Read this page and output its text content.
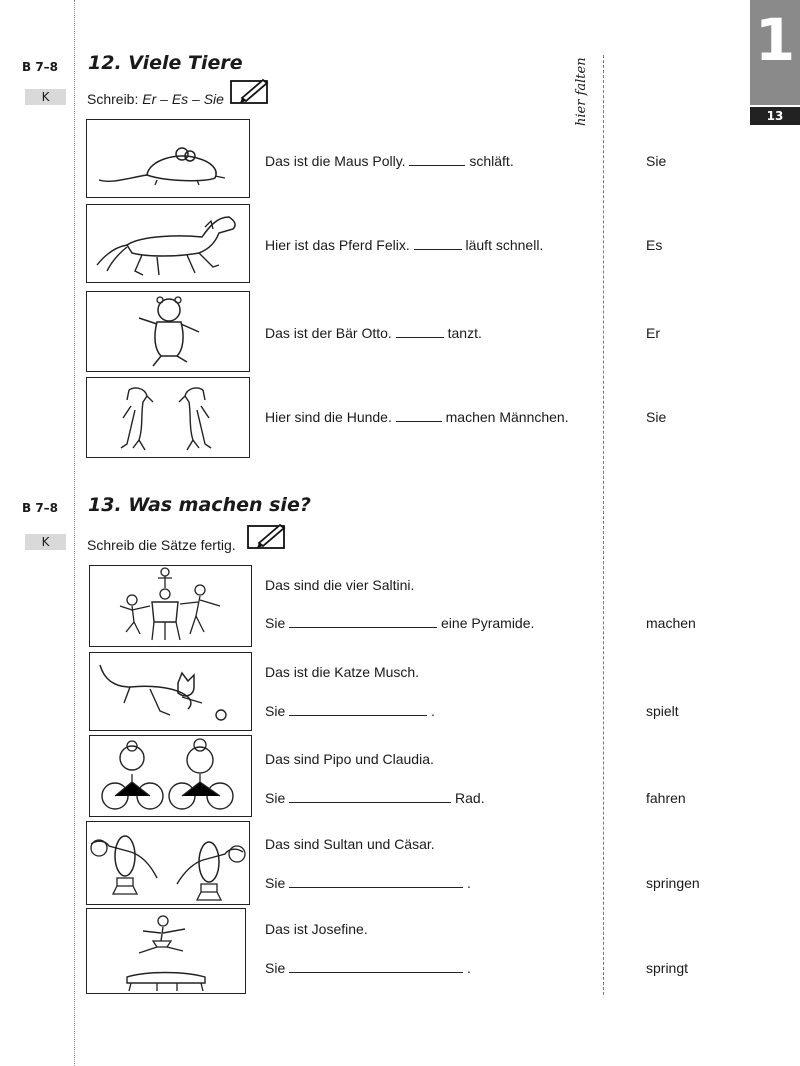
hier falten
1
13
B 7–8
K
12. Viele Tiere
Schreib: Er – Es – Sie
Das ist die Maus Polly.	schläft.	Sie
Hier ist das Pferd Felix.	läuft schnell.	Es
Das ist der Bär Otto.	tanzt.	Er
Hier sind die Hunde.	machen Männchen.	Sie
B 7–8
K
13. Was machen sie?
Schreib die Sätze fertig.
Das sind die vier Saltini.
Sie	eine Pyramide.	machen
Das ist die Katze Musch.
Sie	.	spielt
Das sind Pipo und Claudia.
Sie	Rad.	fahren
Das sind Sultan und Cäsar.
Sie	.	springen
Das ist Josefine.
Sie	.	springt
